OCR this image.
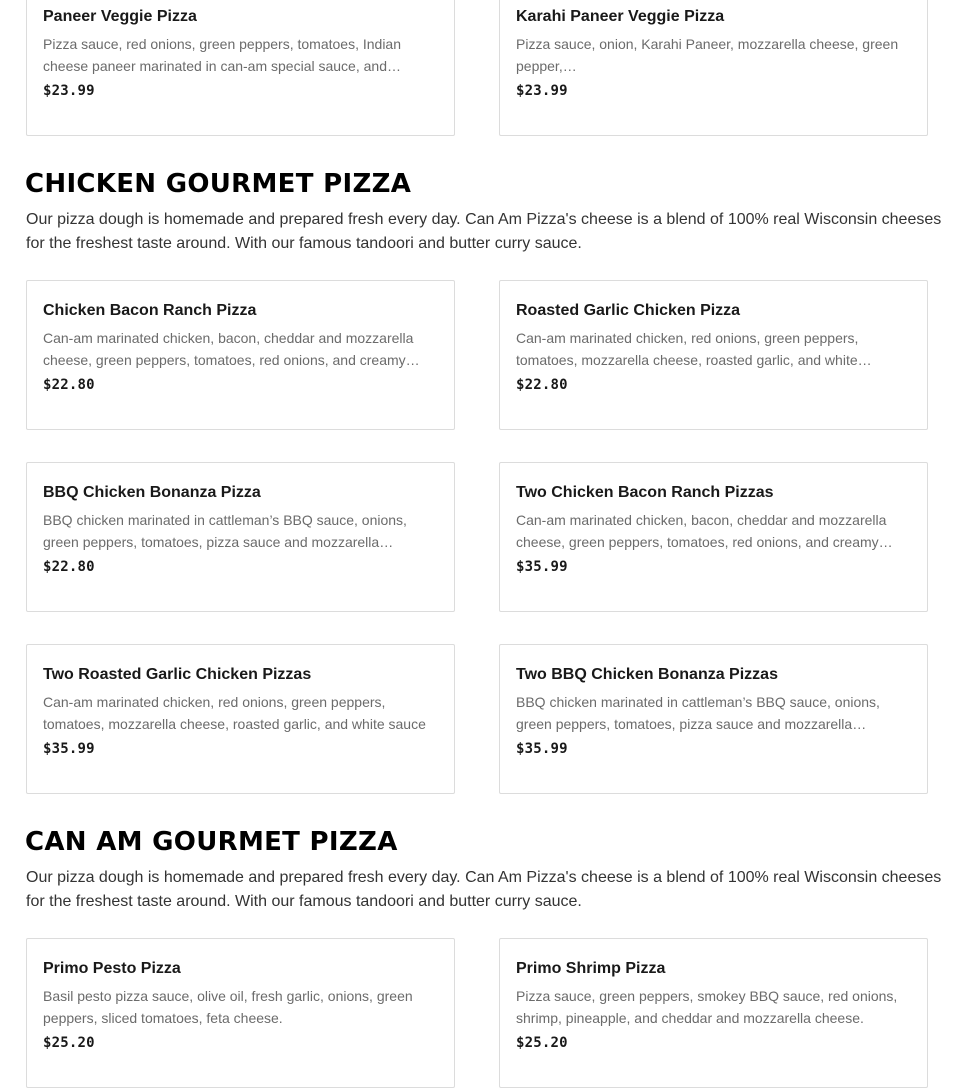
Paneer Veggie Pizza
Pizza sauce, red onions, green peppers, tomatoes, Indian cheese paneer marinated in can-am special sauce, and…
$23.99
Karahi Paneer Veggie Pizza
Pizza sauce, onion, Karahi Paneer, mozzarella cheese, green pepper,…
$23.99
CHICKEN GOURMET PIZZA

Our pizza dough is homemade and prepared fresh every day. Can Am Pizza's cheese is a blend of 100% real Wisconsin cheeses for the freshest taste around. With our famous tandoori and butter curry sauce.

Chicken Bacon Ranch Pizza
Can-am marinated chicken, bacon, cheddar and mozzarella cheese, green peppers, tomatoes, red onions, and creamy…
$22.80
Roasted Garlic Chicken Pizza
Can-am marinated chicken, red onions, green peppers, tomatoes, mozzarella cheese, roasted garlic, and white
$22.80
BBQ Chicken Bonanza Pizza
BBQ chicken marinated in cattleman’s BBQ sauce, onions, green peppers, tomatoes, pizza sauce and mozzarella
$22.80
Two Chicken Bacon Ranch Pizzas
Can-am marinated chicken, bacon, cheddar and mozzarella cheese, green peppers, tomatoes, red onions, and creamy…
$35.99
Two Roasted Garlic Chicken Pizzas
Can-am marinated chicken, red onions, green peppers, tomatoes, mozzarella cheese, roasted garlic, and white sauce
$35.99
Two BBQ Chicken Bonanza Pizzas
BBQ chicken marinated in cattleman’s BBQ sauce, onions, green peppers, tomatoes, pizza sauce and mozzarella
$35.99
CAN AM GOURMET PIZZA

Our pizza dough is homemade and prepared fresh every day. Can Am Pizza's cheese is a blend of 100% real Wisconsin cheeses for the freshest taste around. With our famous tandoori and butter curry sauce.

Primo Pesto Pizza
Basil pesto pizza sauce, olive oil, fresh garlic, onions, green peppers, sliced tomatoes, feta cheese.
$25.20
Primo Shrimp Pizza
Pizza sauce, green peppers, smokey BBQ sauce, red onions, shrimp, pineapple, and cheddar and mozzarella cheese.
$25.20
